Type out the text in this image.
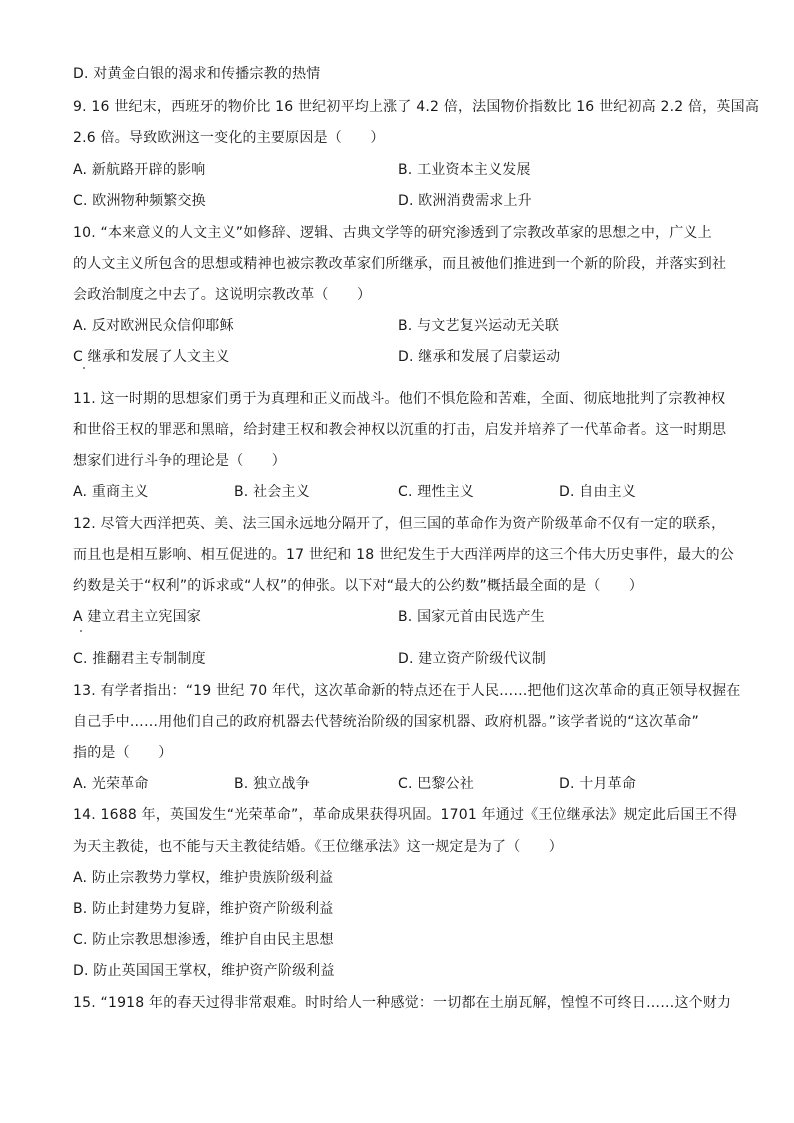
D. 对黄金白银的渴求和传播宗教的热情
9. 16 世纪末，西班牙的物价比 16 世纪初平均上涨了 4.2 倍，法国物价指数比 16 世纪初高 2.2 倍，英国高
2.6 倍。导致欧洲这一变化的主要原因是（　　）
A. 新航路开辟的影响	B. 工业资本主义发展
C. 欧洲物种频繁交换	D. 欧洲消费需求上升
10. “本来意义的人文主义”如修辞、逻辑、古典文学等的研究渗透到了宗教改革家的思想之中，广义上
的人文主义所包含的思想或精神也被宗教改革家们所继承，而且被他们推进到一个新的阶段，并落实到社
会政治制度之中去了。这说明宗教改革（　　）
A. 反对欧洲民众信仰耶稣	B. 与文艺复兴运动无关联
C 继承和发展了人文主义	D. 继承和发展了启蒙运动
11. 这一时期的思想家们勇于为真理和正义而战斗。他们不惧危险和苦难，全面、彻底地批判了宗教神权
和世俗王权的罪恶和黑暗，给封建王权和教会神权以沉重的打击，启发并培养了一代革命者。这一时期思
想家们进行斗争的理论是（　　）
A. 重商主义	B. 社会主义	C. 理性主义	D. 自由主义
12. 尽管大西洋把英、美、法三国永远地分隔开了，但三国的革命作为资产阶级革命不仅有一定的联系，
而且也是相互影响、相互促进的。17 世纪和 18 世纪发生于大西洋两岸的这三个伟大历史事件，最大的公
约数是关于“权利”的诉求或“人权”的伸张。以下对“最大的公约数”概括最全面的是（　　）
A 建立君主立宪国家	B. 国家元首由民选产生
C. 推翻君主专制制度	D. 建立资产阶级代议制
13. 有学者指出：“19 世纪 70 年代，这次革命新的特点还在于人民……把他们这次革命的真正领导权握在
自己手中……用他们自己的政府机器去代替统治阶级的国家机器、政府机器。”该学者说的“这次革命”
指的是（　　）
A. 光荣革命	B. 独立战争	C. 巴黎公社	D. 十月革命
14. 1688 年，英国发生“光荣革命”，革命成果获得巩固。1701 年通过《王位继承法》规定此后国王不得
为天主教徒，也不能与天主教徒结婚。《王位继承法》这一规定是为了（　　）
A. 防止宗教势力掌权，维护贵族阶级利益
B. 防止封建势力复辟，维护资产阶级利益
C. 防止宗教思想渗透，维护自由民主思想
D. 防止英国国王掌权，维护资产阶级利益
15. “1918 年的春天过得非常艰难。时时给人一种感觉：一切都在土崩瓦解，惶惶不可终日……这个财力
